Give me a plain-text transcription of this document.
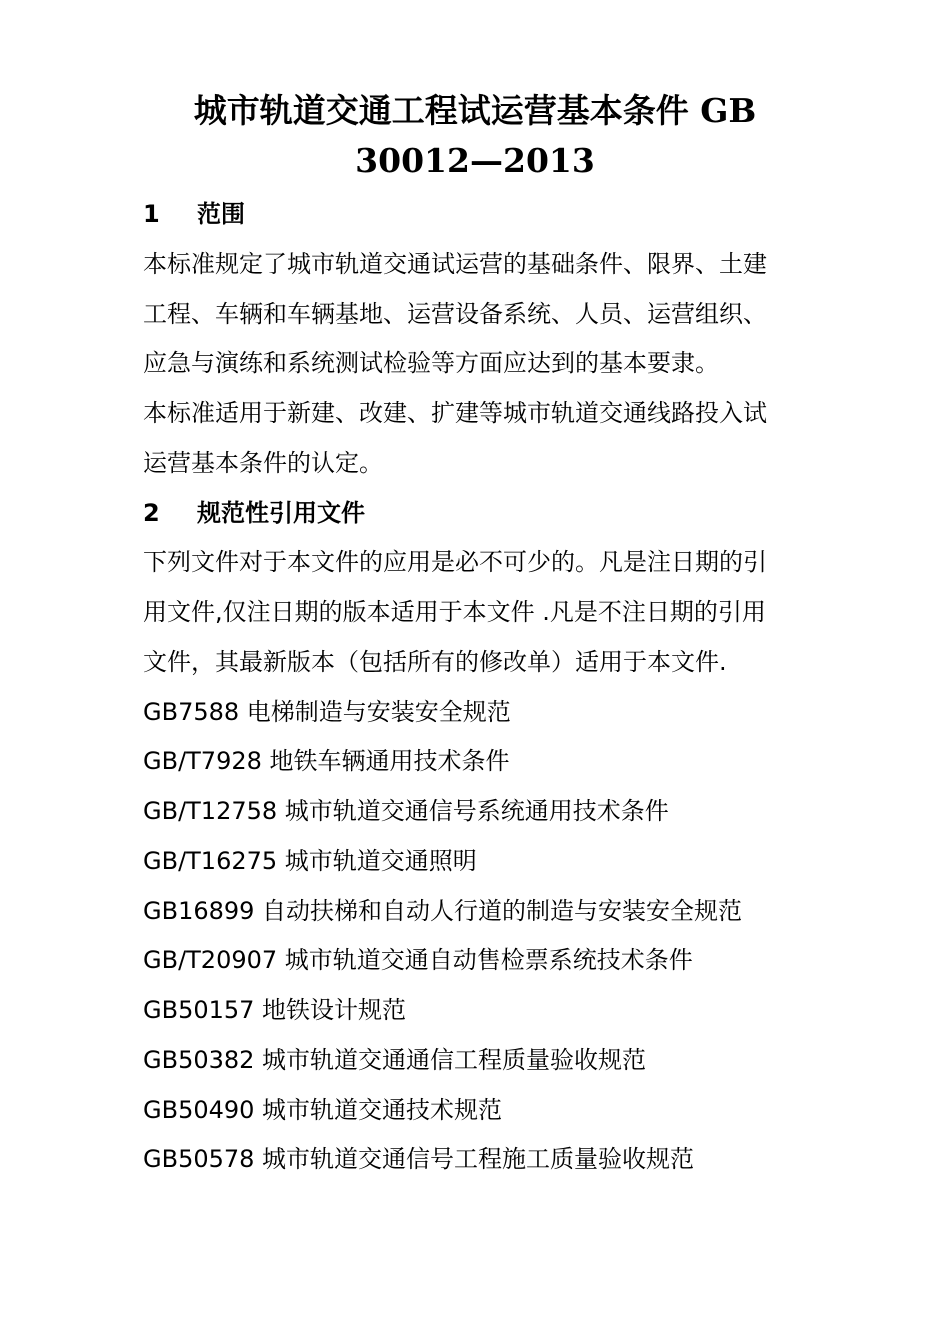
城市轨道交通工程试运营基本条件 GB
30012—2013
1 范围
本标准规定了城市轨道交通试运营的基础条件、限界、土建
工程、车辆和车辆基地、运营设备系统、人员、运营组织、
应急与演练和系统测试检验等方面应达到的基本要隶。
本标准适用于新建、改建、扩建等城市轨道交通线路投入试
运营基本条件的认定。
2 规范性引用文件
下列文件对于本文件的应用是必不可少的。凡是注日期的引
用文件,仅注日期的版本适用于本文件 .凡是不注日期的引用
文件，其最新版本（包括所有的修改单）适用于本文件.
GB7588 电梯制造与安装安全规范
GB/T7928 地铁车辆通用技术条件
GB/T12758 城市轨道交通信号系统通用技术条件
GB/T16275 城市轨道交通照明
GB16899 自动扶梯和自动人行道的制造与安装安全规范
GB/T20907 城市轨道交通自动售检票系统技术条件
GB50157 地铁设计规范
GB50382 城市轨道交通通信工程质量验收规范
GB50490 城市轨道交通技术规范
GB50578 城市轨道交通信号工程施工质量验收规范
